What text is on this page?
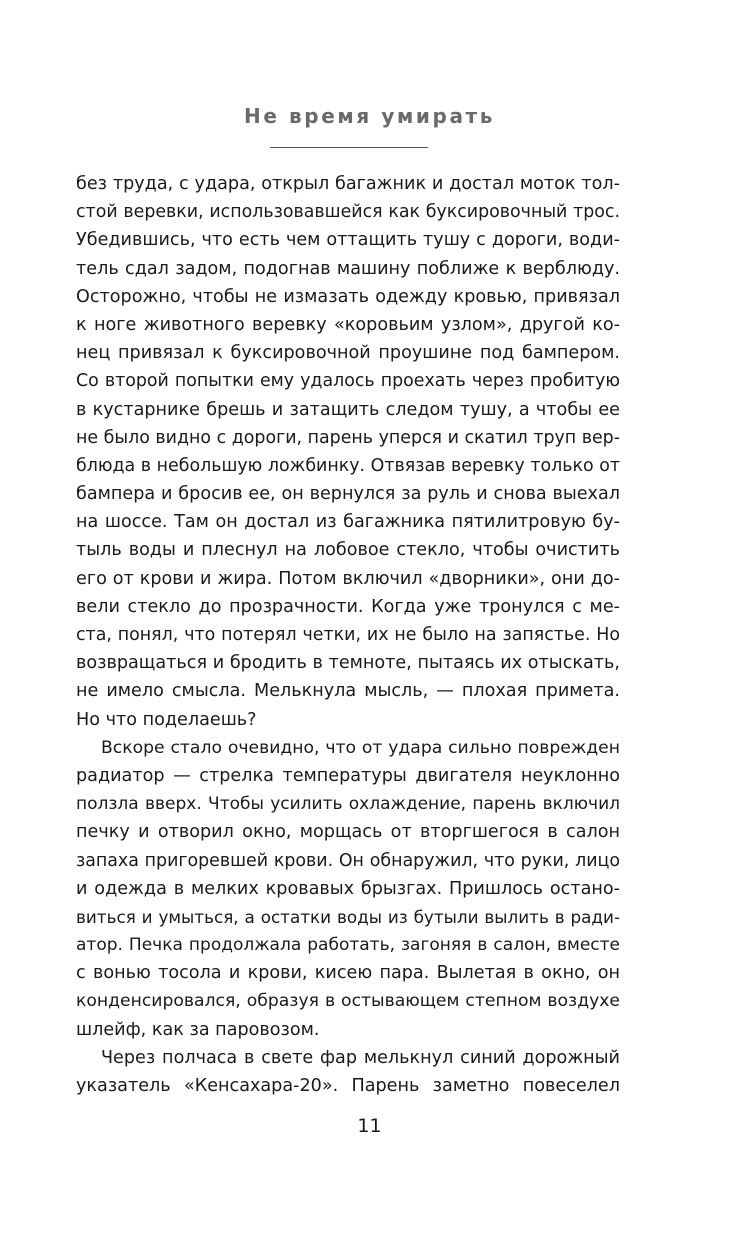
Не время умирать
без труда, с удара, открыл багажник и достал моток тол-
стой веревки, использовавшейся как буксировочный трос.
Убедившись, что есть чем оттащить тушу с дороги, води-
тель сдал задом, подогнав машину поближе к верблюду.
Осторожно, чтобы не измазать одежду кровью, привязал
к ноге животного веревку «коровьим узлом», другой ко-
нец привязал к буксировочной проушине под бампером.
Со второй попытки ему удалось проехать через пробитую
в кустарнике брешь и затащить следом тушу, а чтобы ее
не было видно с дороги, парень уперся и скатил труп вер-
блюда в небольшую ложбинку. Отвязав веревку только от
бампера и бросив ее, он вернулся за руль и снова выехал
на шоссе. Там он достал из багажника пятилитровую бу-
тыль воды и плеснул на лобовое стекло, чтобы очистить
его от крови и жира. Потом включил «дворники», они до-
вели стекло до прозрачности. Когда уже тронулся с ме-
ста, понял, что потерял четки, их не было на запястье. Но
возвращаться и бродить в темноте, пытаясь их отыскать,
не имело смысла. Мелькнула мысль, — плохая примета.
Но что поделаешь?
Вскоре стало очевидно, что от удара сильно поврежден
радиатор — стрелка температуры двигателя неуклонно
ползла вверх. Чтобы усилить охлаждение, парень включил
печку и отворил окно, морщась от вторгшегося в салон
запаха пригоревшей крови. Он обнаружил, что руки, лицо
и одежда в мелких кровавых брызгах. Пришлось остано-
виться и умыться, а остатки воды из бутыли вылить в ради-
атор. Печка продолжала работать, загоняя в салон, вместе
с вонью тосола и крови, кисею пара. Вылетая в окно, он
конденсировался, образуя в остывающем степном воздухе
шлейф, как за паровозом.
Через полчаса в свете фар мелькнул синий дорожный
указатель «Кенсахара-20». Парень заметно повеселел
11
